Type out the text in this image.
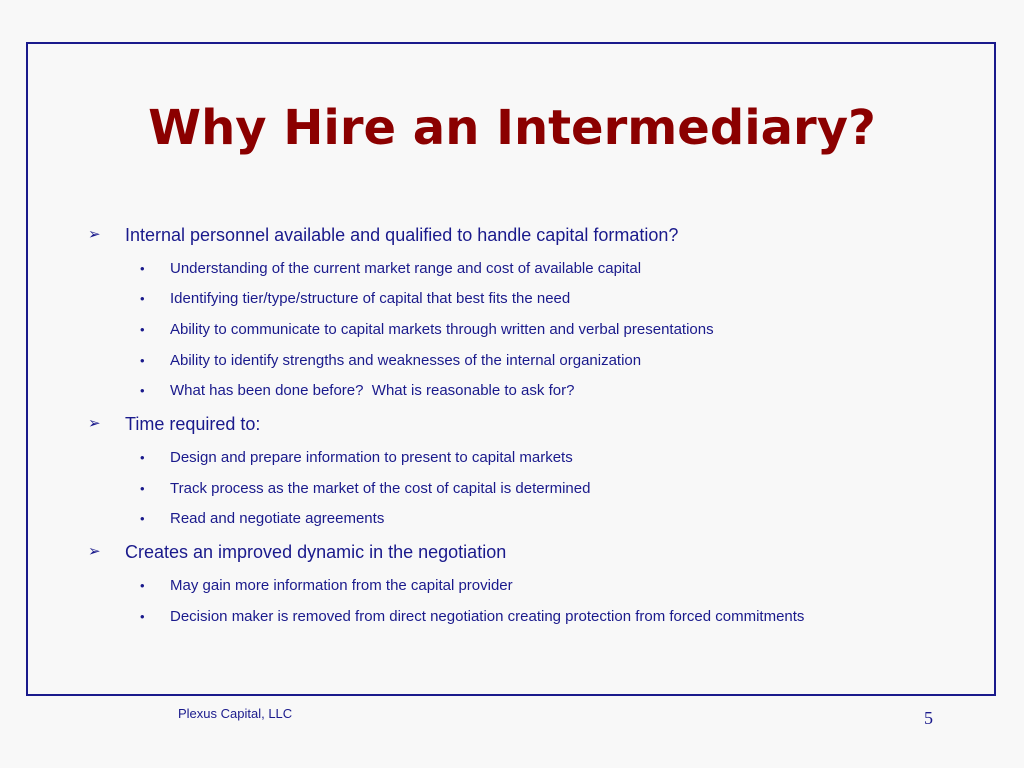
Why Hire an Intermediary?
➢	Internal personnel available and qualified to handle capital formation?
•	Understanding of the current market range and cost of available capital
•	Identifying tier/type/structure of capital that best fits the need
•	Ability to communicate to capital markets through written and verbal presentations
•	Ability to identify strengths and weaknesses of the internal organization
•	What has been done before?  What is reasonable to ask for?
➢	Time required to:
•	Design and prepare information to present to capital markets
•	Track process as the market of the cost of capital is determined
•	Read and negotiate agreements
➢	Creates an improved dynamic in the negotiation
•	May gain more information from the capital provider
•	Decision maker is removed from direct negotiation creating protection from forced commitments
Plexus Capital, LLC	5
